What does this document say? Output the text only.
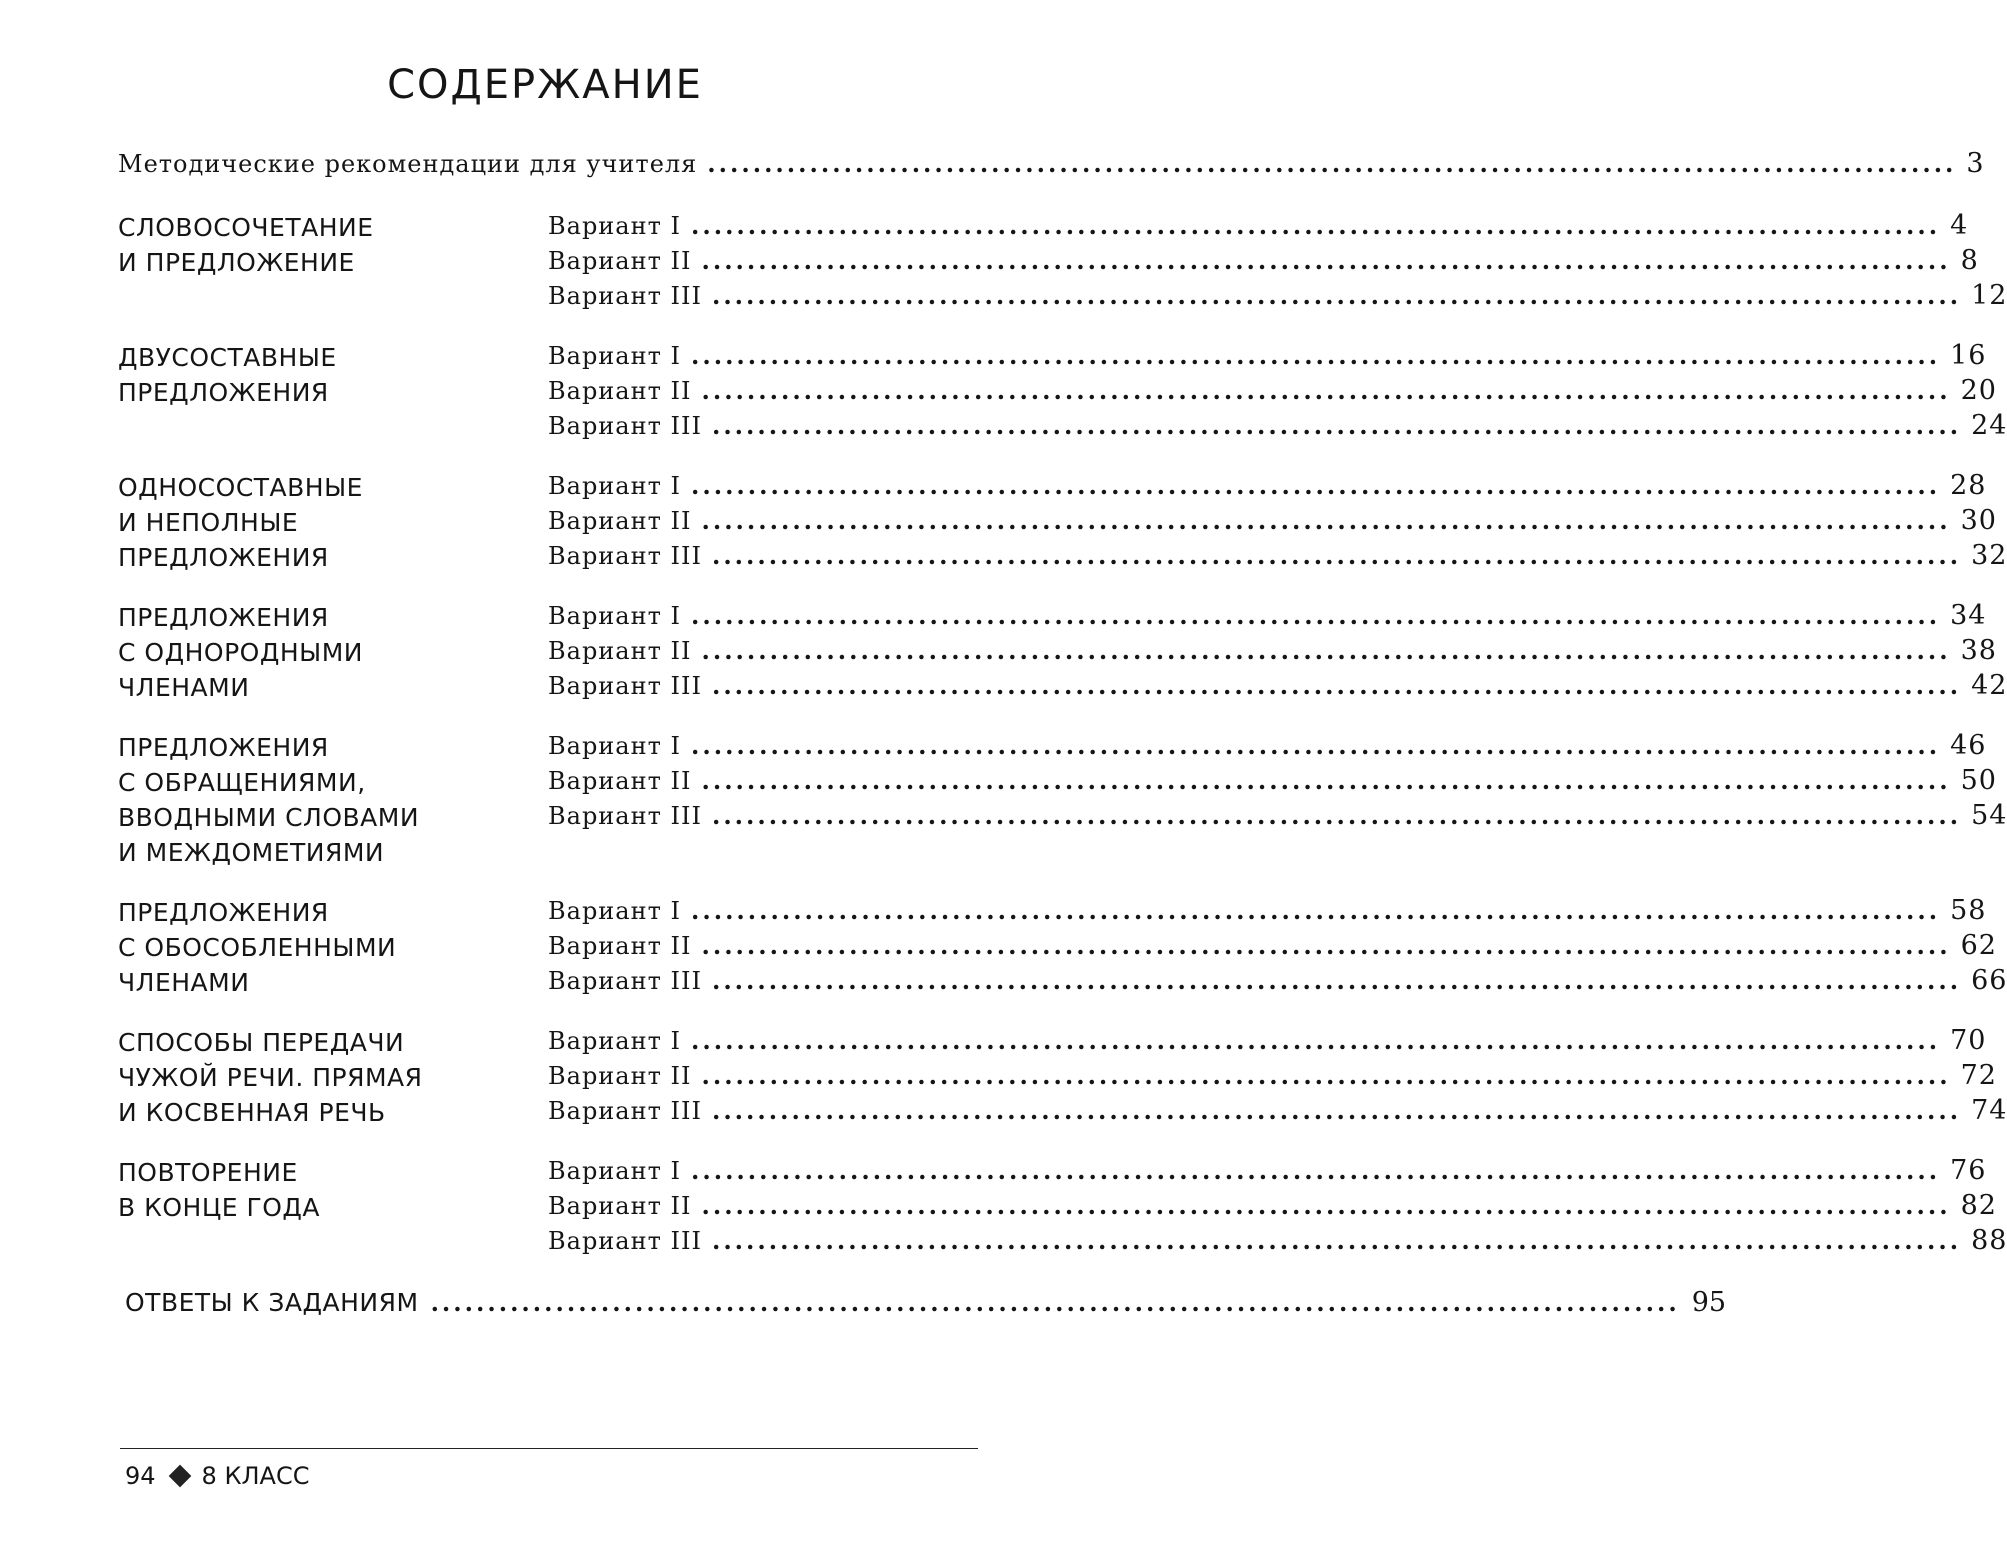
СОДЕРЖАНИЕ
Методические рекомендации для учителя .............................................................................................................. 3
СЛОВОСОЧЕТАНИЕ
И ПРЕДЛОЖЕНИЕ
Вариант I .............................................................................................................. 4
Вариант II .............................................................................................................. 8
Вариант III .............................................................................................................. 12
ДВУСОСТАВНЫЕ
ПРЕДЛОЖЕНИЯ
Вариант I .............................................................................................................. 16
Вариант II .............................................................................................................. 20
Вариант III .............................................................................................................. 24
ОДНОСОСТАВНЫЕ
И НЕПОЛНЫЕ
ПРЕДЛОЖЕНИЯ
Вариант I .............................................................................................................. 28
Вариант II .............................................................................................................. 30
Вариант III .............................................................................................................. 32
ПРЕДЛОЖЕНИЯ
С ОДНОРОДНЫМИ
ЧЛЕНАМИ
Вариант I .............................................................................................................. 34
Вариант II .............................................................................................................. 38
Вариант III .............................................................................................................. 42
ПРЕДЛОЖЕНИЯ
С ОБРАЩЕНИЯМИ,
ВВОДНЫМИ СЛОВАМИ
И МЕЖДОМЕТИЯМИ
Вариант I .............................................................................................................. 46
Вариант II .............................................................................................................. 50
Вариант III .............................................................................................................. 54
ПРЕДЛОЖЕНИЯ
С ОБОСОБЛЕННЫМИ
ЧЛЕНАМИ
Вариант I .............................................................................................................. 58
Вариант II .............................................................................................................. 62
Вариант III .............................................................................................................. 66
СПОСОБЫ ПЕРЕДАЧИ
ЧУЖОЙ РЕЧИ. ПРЯМАЯ
И КОСВЕННАЯ РЕЧЬ
Вариант I .............................................................................................................. 70
Вариант II .............................................................................................................. 72
Вариант III .............................................................................................................. 74
ПОВТОРЕНИЕ
В КОНЦЕ ГОДА
Вариант I .............................................................................................................. 76
Вариант II .............................................................................................................. 82
Вариант III .............................................................................................................. 88
ОТВЕТЫ К ЗАДАНИЯМ .............................................................................................................. 95
94 8 КЛАСС
